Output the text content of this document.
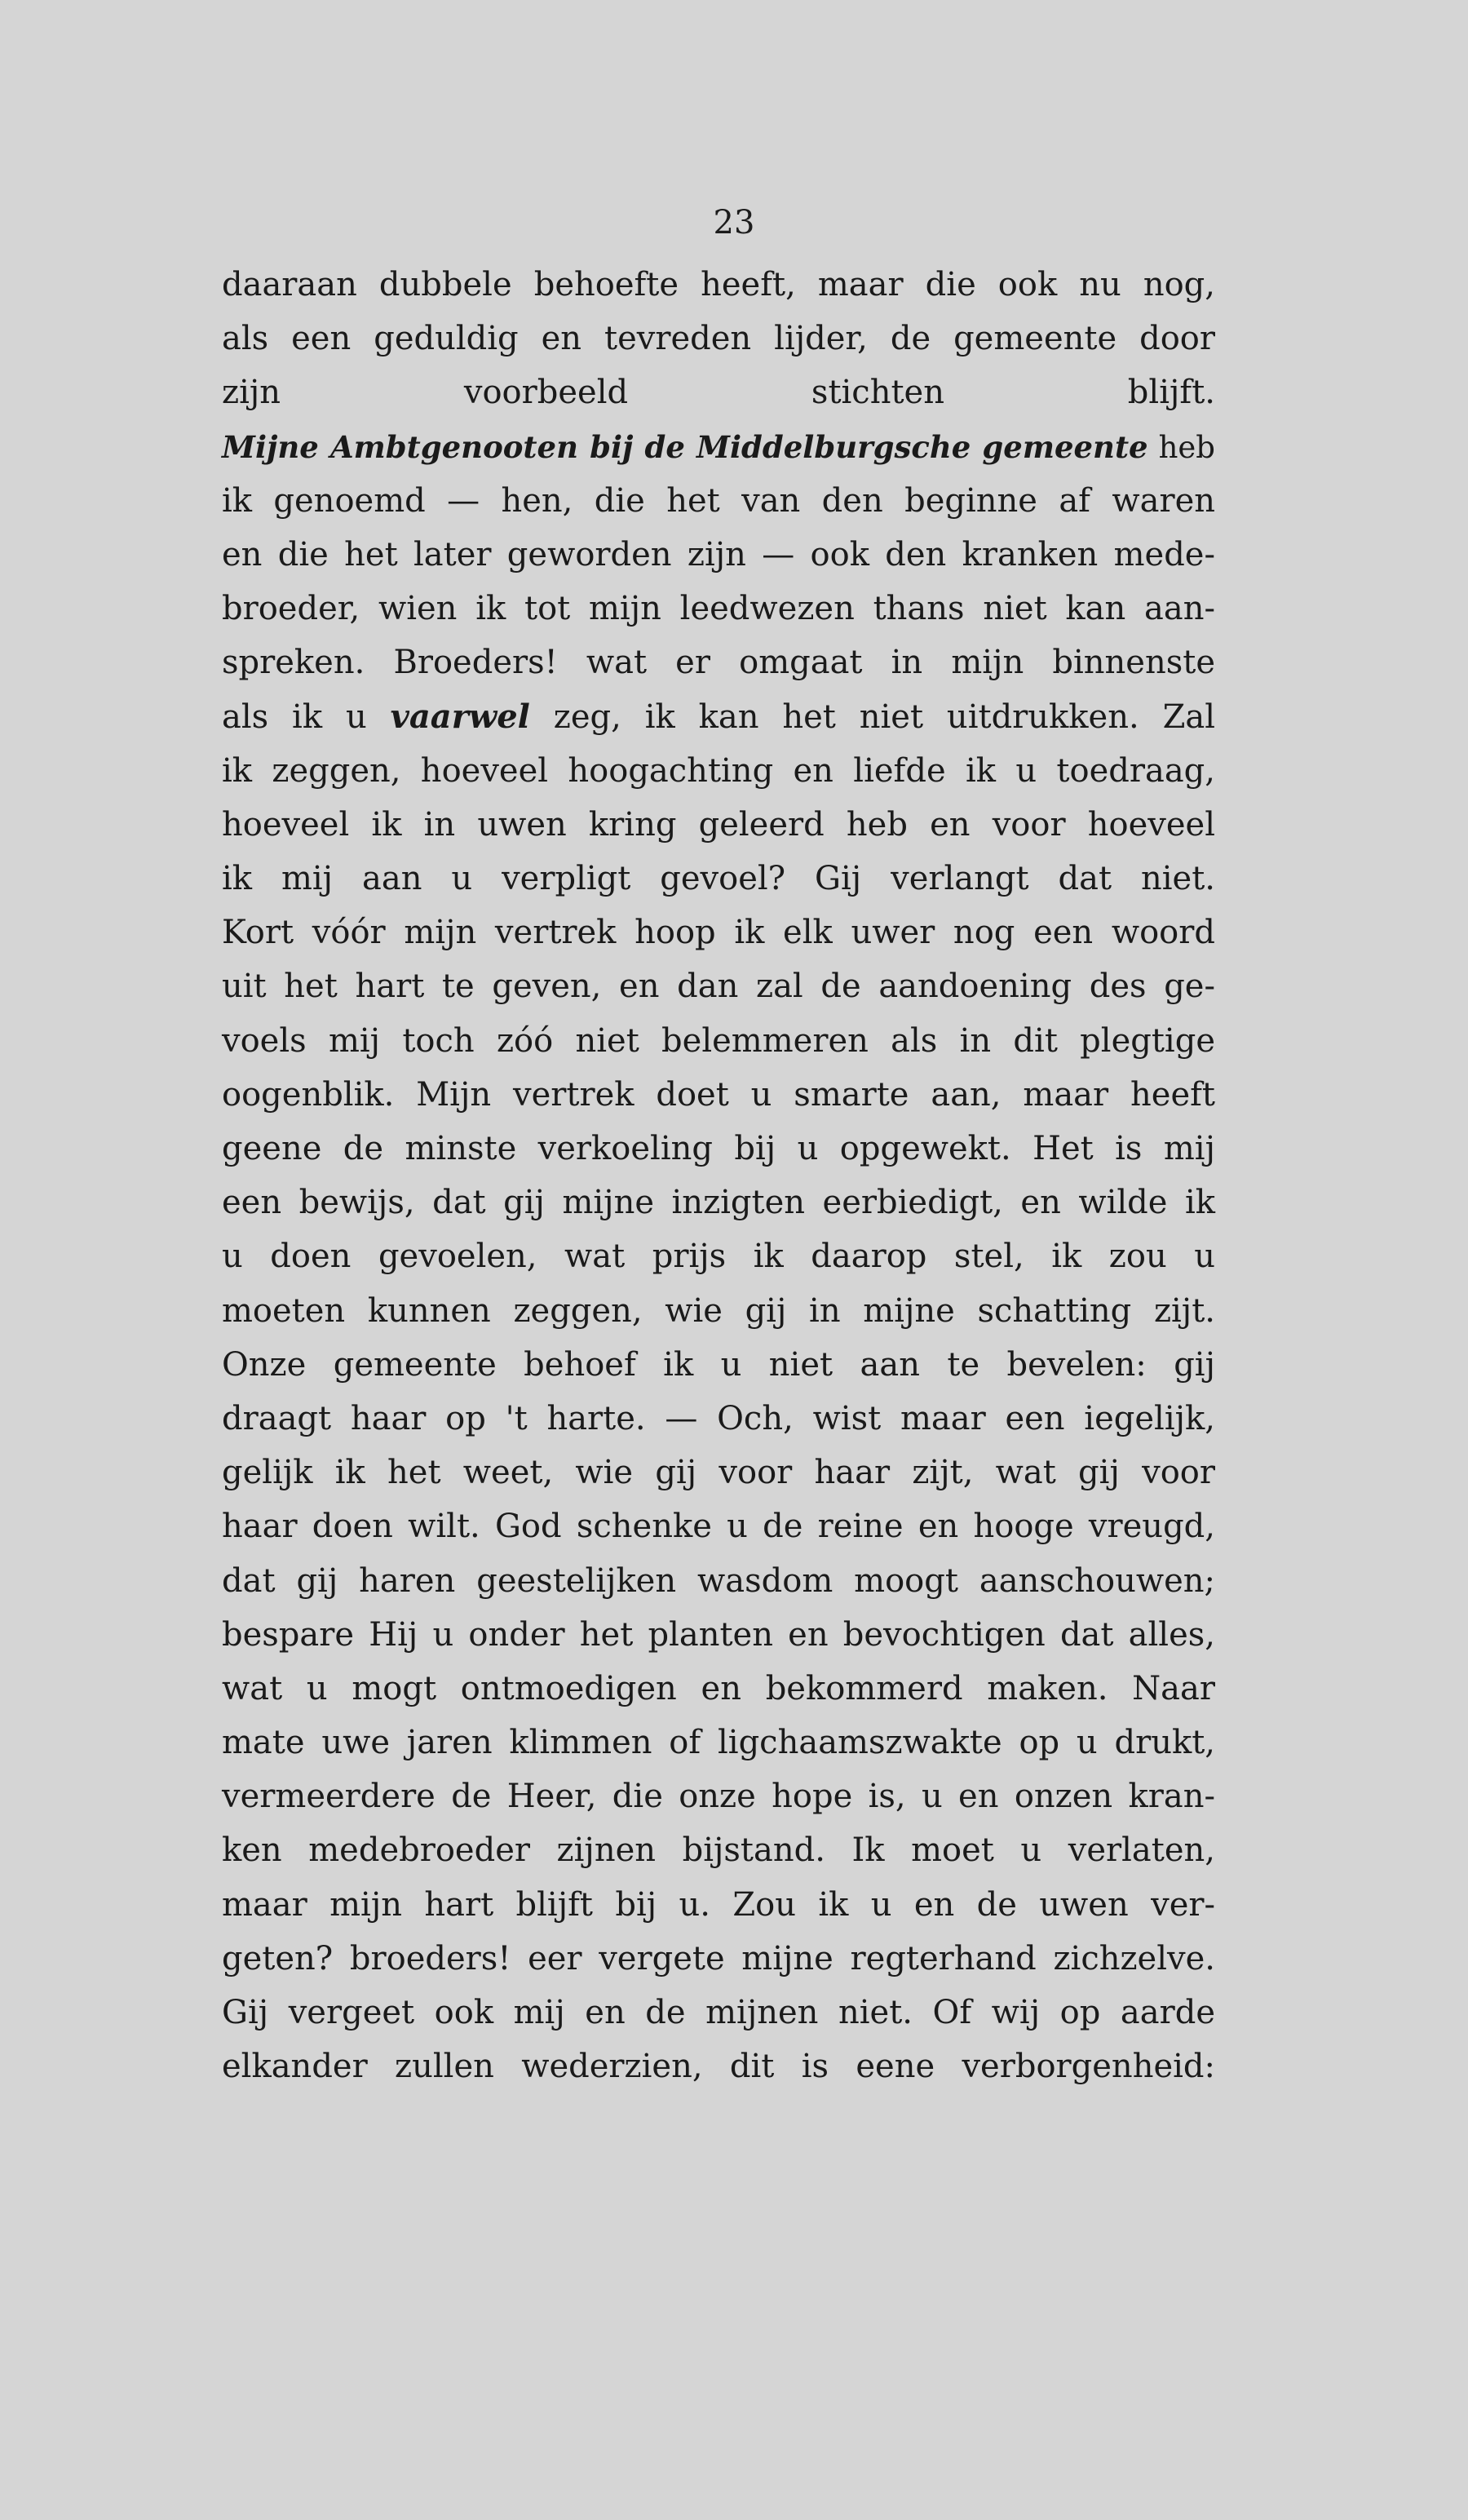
23
daaraan dubbele behoefte heeft, maar die ook nu nog,
als een geduldig en tevreden lijder, de gemeente door
zijn voorbeeld stichten blijft.
Mijne Ambtgenooten bij de Middelburgsche gemeente heb
ik genoemd — hen, die het van den beginne af waren
en die het later geworden zijn — ook den kranken mede-
broeder, wien ik tot mijn leedwezen thans niet kan aan-
spreken. Broeders! wat er omgaat in mijn binnenste
als ik u vaarwel zeg, ik kan het niet uitdrukken. Zal
ik zeggen, hoeveel hoogachting en liefde ik u toedraag,
hoeveel ik in uwen kring geleerd heb en voor hoeveel
ik mij aan u verpligt gevoel? Gij verlangt dat niet.
Kort vóór mijn vertrek hoop ik elk uwer nog een woord
uit het hart te geven, en dan zal de aandoening des ge-
voels mij toch zóó niet belemmeren als in dit plegtige
oogenblik. Mijn vertrek doet u smarte aan, maar heeft
geene de minste verkoeling bij u opgewekt. Het is mij
een bewijs, dat gij mijne inzigten eerbiedigt, en wilde ik
u doen gevoelen, wat prijs ik daarop stel, ik zou u
moeten kunnen zeggen, wie gij in mijne schatting zijt.
Onze gemeente behoef ik u niet aan te bevelen: gij
draagt haar op 't harte. — Och, wist maar een iegelijk,
gelijk ik het weet, wie gij voor haar zijt, wat gij voor
haar doen wilt. God schenke u de reine en hooge vreugd,
dat gij haren geestelijken wasdom moogt aanschouwen;
bespare Hij u onder het planten en bevochtigen dat alles,
wat u mogt ontmoedigen en bekommerd maken. Naar
mate uwe jaren klimmen of ligchaamszwakte op u drukt,
vermeerdere de Heer, die onze hope is, u en onzen kran-
ken medebroeder zijnen bijstand. Ik moet u verlaten,
maar mijn hart blijft bij u. Zou ik u en de uwen ver-
geten? broeders! eer vergete mijne regterhand zichzelve.
Gij vergeet ook mij en de mijnen niet. Of wij op aarde
elkander zullen wederzien, dit is eene verborgenheid:
